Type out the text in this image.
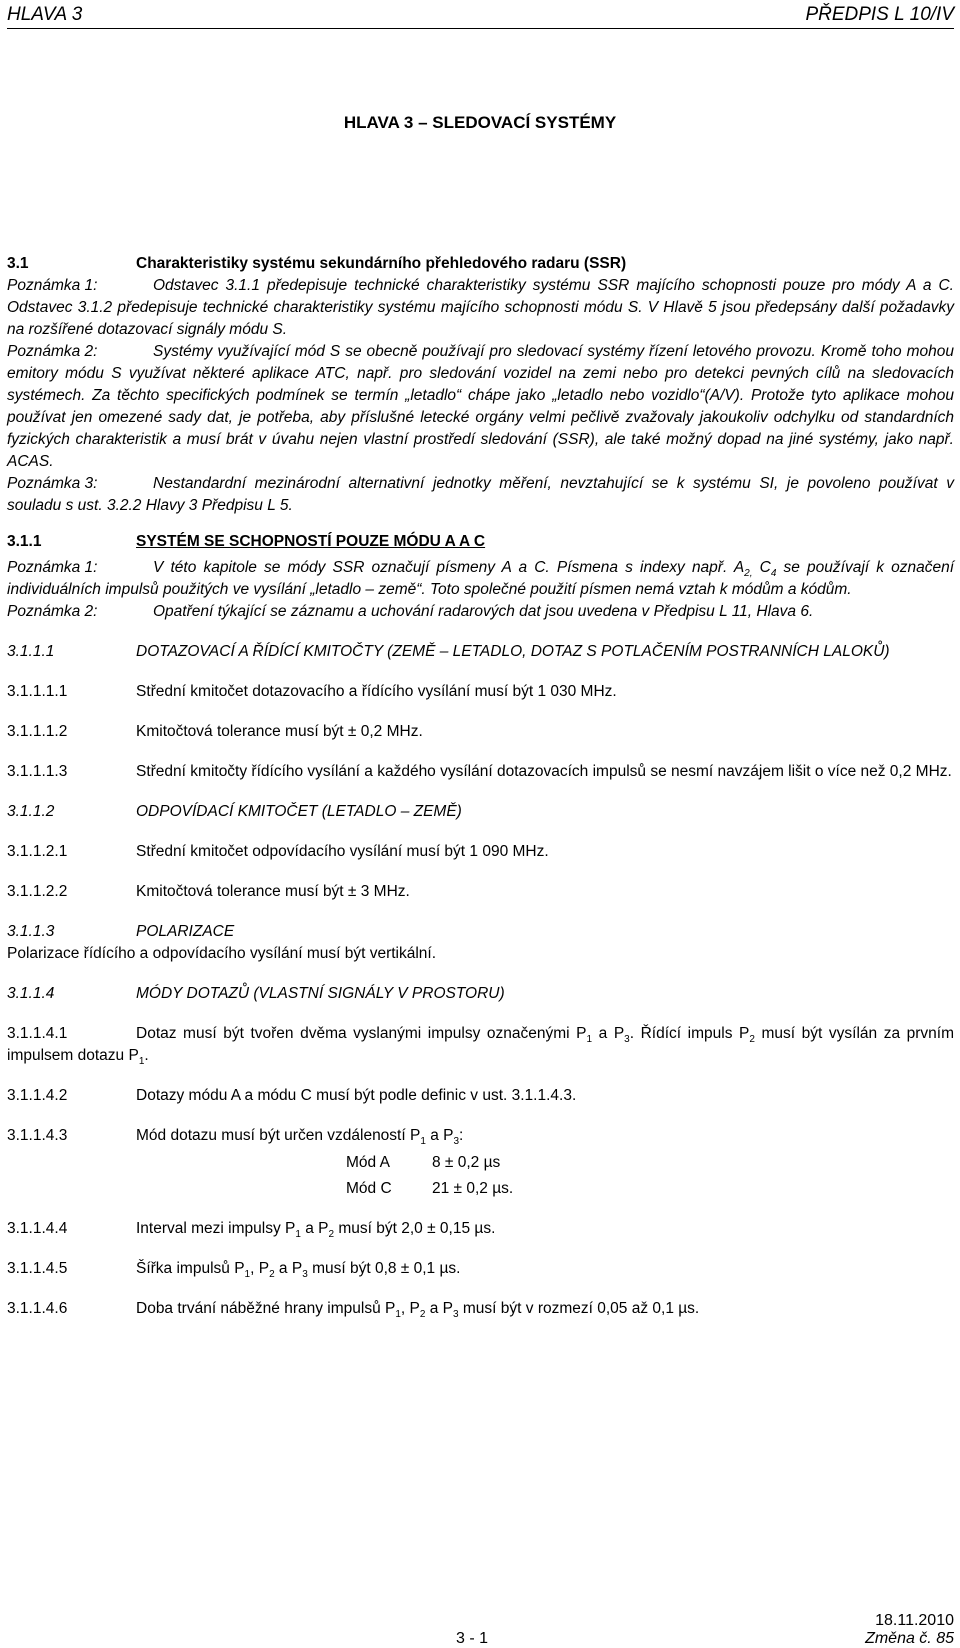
HLAVA 3	PŘEDPIS L 10/IV
HLAVA 3 – SLEDOVACÍ SYSTÉMY
3.1	Charakteristiky systému sekundárního přehledového radaru (SSR)

Poznámka 1:	Odstavec 3.1.1 předepisuje technické charakteristiky systému SSR majícího schopnosti pouze pro módy A a C. Odstavec 3.1.2 předepisuje technické charakteristiky systému majícího schopnosti módu S. V Hlavě 5 jsou předepsány další požadavky na rozšířené dotazovací signály módu S.

Poznámka 2:	Systémy využívající mód S se obecně používají pro sledovací systémy řízení letového provozu. Kromě toho mohou emitory módu S využívat některé aplikace ATC, např. pro sledování vozidel na zemi nebo pro detekci pevných cílů na sledovacích systémech. Za těchto specifických podmínek se termín „letadlo“ chápe jako „letadlo nebo vozidlo“(A/V). Protože tyto aplikace mohou používat jen omezené sady dat, je potřeba, aby příslušné letecké orgány velmi pečlivě zvažovaly jakoukoliv odchylku od standardních fyzických charakteristik a musí brát v úvahu nejen vlastní prostředí sledování (SSR), ale také možný dopad na jiné systémy, jako např. ACAS.

Poznámka 3:	Nestandardní mezinárodní alternativní jednotky měření, nevztahující se k systému SI, je povoleno používat v souladu s ust. 3.2.2 Hlavy 3 Předpisu L 5.

3.1.1	SYSTÉM SE SCHOPNOSTÍ POUZE MÓDU A A C

Poznámka 1:	V této kapitole se módy SSR označují písmeny A a C. Písmena s indexy např. $A_{2,}$ $C_4$ se používají k označení individuálních impulsů použitých ve vysílání „letadlo – země“. Toto společné použití písmen nemá vztah k módům a kódům.

Poznámka 2:	Opatření týkající se záznamu a uchování radarových dat jsou uvedena v Předpisu L 11, Hlava 6.

3.1.1.1	DOTAZOVACÍ A ŘÍDÍCÍ KMITOČTY (ZEMĚ – LETADLO, DOTAZ S POTLAČENÍM POSTRANNÍCH LALOKŮ)

3.1.1.1.1	Střední kmitočet dotazovacího a řídícího vysílání musí být 1 030 MHz.

3.1.1.1.2	Kmitočtová tolerance musí být ± 0,2 MHz.

3.1.1.1.3	Střední kmitočty řídícího vysílání a každého vysílání dotazovacích impulsů se nesmí navzájem lišit o více než 0,2 MHz.

3.1.1.2	ODPOVÍDACÍ KMITOČET (LETADLO – ZEMĚ)

3.1.1.2.1	Střední kmitočet odpovídacího vysílání musí být 1 090 MHz.

3.1.1.2.2	Kmitočtová tolerance musí být ± 3 MHz.

3.1.1.3	POLARIZACE

Polarizace řídícího a odpovídacího vysílání musí být vertikální.

3.1.1.4	MÓDY DOTAZŮ (VLASTNÍ SIGNÁLY V PROSTORU)

3.1.1.4.1	Dotaz musí být tvořen dvěma vyslanými impulsy označenými $P_1$ a $P_3$. Řídící impuls $P_2$ musí být vysílán za prvním impulsem dotazu $P_1$.

3.1.1.4.2	Dotazy módu A a módu C musí být podle definic v ust. 3.1.1.4.3.

3.1.1.4.3	Mód dotazu musí být určen vzdáleností $P_1$ a $P_3$:

Mód A	8 ± 0,2 µs
Mód C	21 ± 0,2 µs.

3.1.1.4.4	Interval mezi impulsy $P_1$ a $P_2$ musí být 2,0 ± 0,15 µs.

3.1.1.4.5	Šířka impulsů $P_1$, $P_2$ a $P_3$ musí být 0,8 ± 0,1 µs.

3.1.1.4.6	Doba trvání náběžné hrany impulsů $P_1$, $P_2$ a $P_3$ musí být v rozmezí 0,05 až 0,1 µs.

18.11.2010
3 - 1	Změna č. 85
